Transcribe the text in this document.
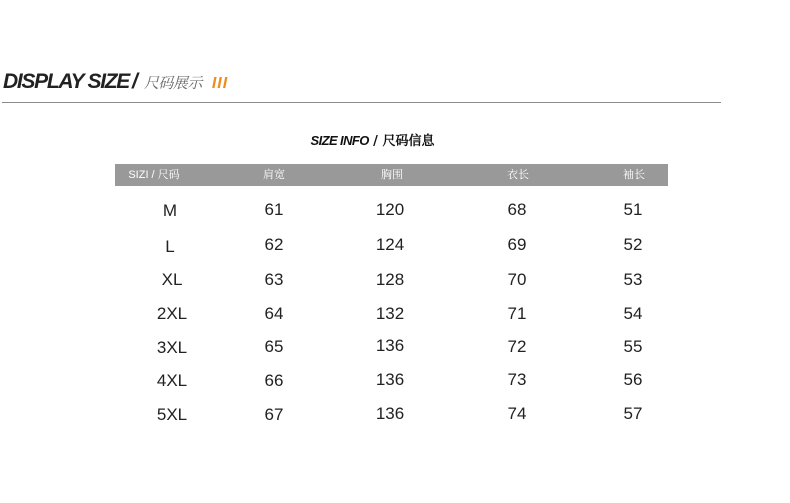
DISPLAY SIZE / 尺码展示 III
SIZE INFO / 尺码信息
SIZI / 尺码	肩宽	胸围	衣长	袖长
M	61	120	68	51
L	62	124	69	52
XL	63	128	70	53
2XL	64	132	71	54
3XL	65	136	72	55
4XL	66	136	73	56
5XL	67	136	74	57
